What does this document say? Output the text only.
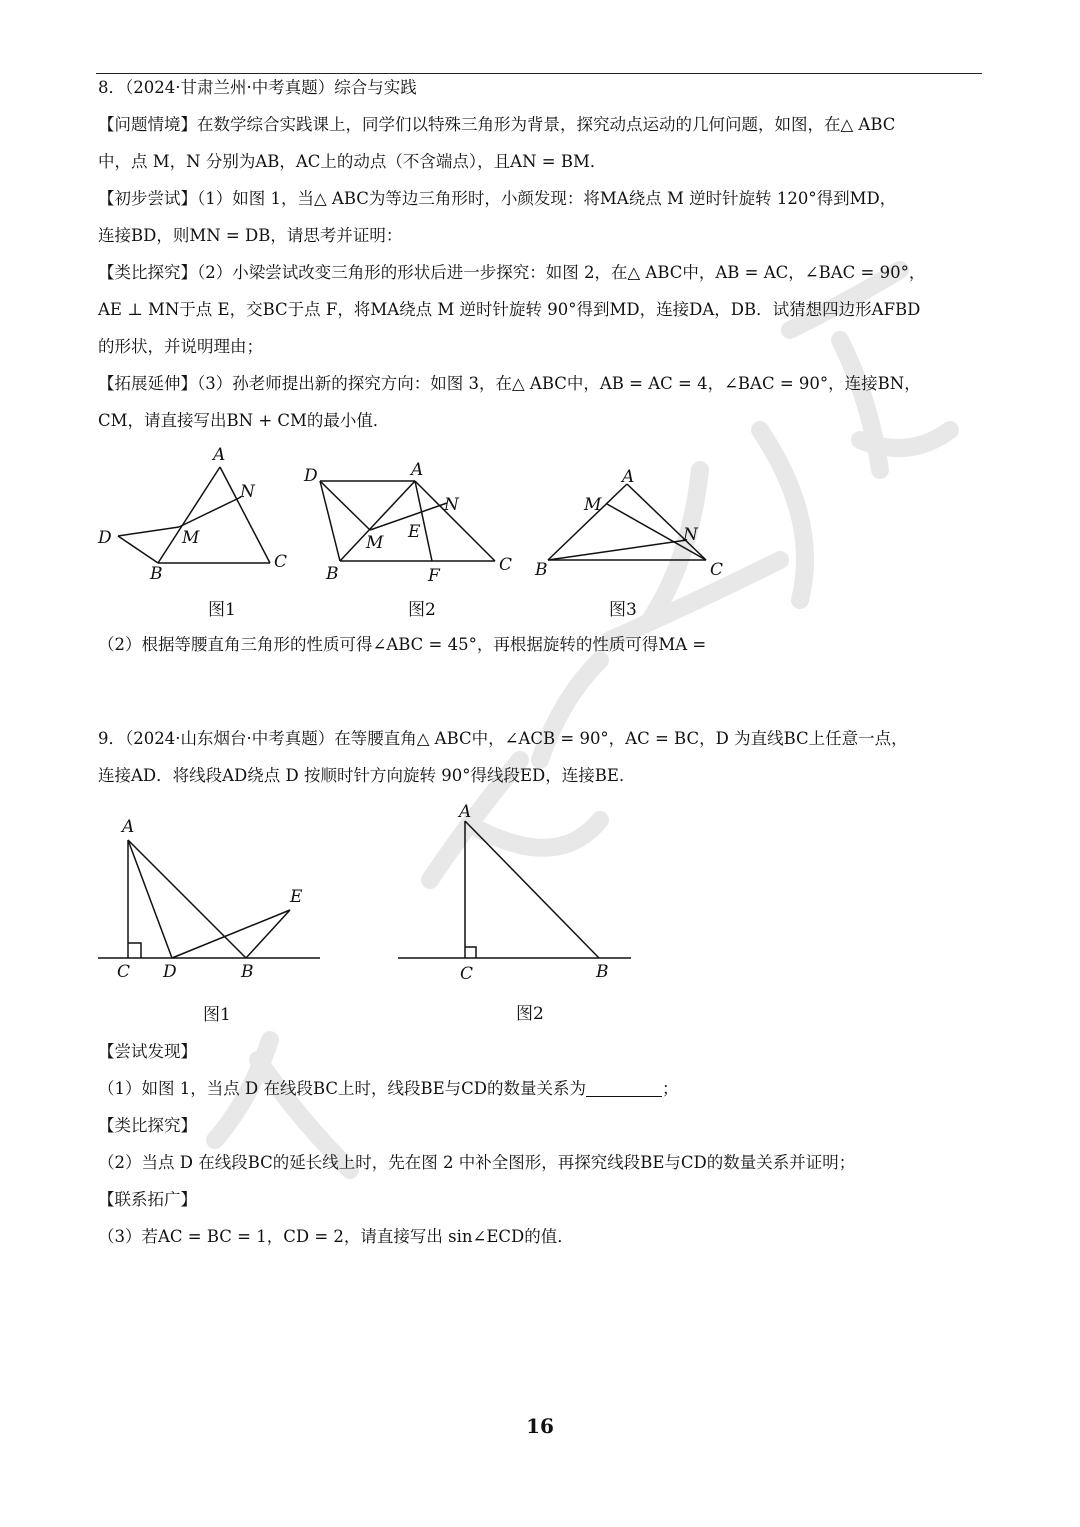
8．（2024·甘肃兰州·中考真题）综合与实践
【问题情境】在数学综合实践课上，同学们以特殊三角形为背景，探究动点运动的几何问题，如图，在△ ABC
中，点 M，N 分别为AB，AC上的动点（不含端点），且AN = BM．
【初步尝试】（1）如图 1，当△ ABC为等边三角形时，小颜发现：将MA绕点 M 逆时针旋转 120°得到MD，
连接BD，则MN = DB，请思考并证明：
【类比探究】（2）小梁尝试改变三角形的形状后进一步探究：如图 2，在△ ABC中，AB = AC，∠BAC = 90°，
AE ⊥ MN于点 E，交BC于点 F，将MA绕点 M 逆时针旋转 90°得到MD，连接DA，DB．试猜想四边形AFBD
的形状，并说明理由；
【拓展延伸】（3）孙老师提出新的探究方向：如图 3，在△ ABC中，AB = AC = 4，∠BAC = 90°，连接BN，
CM，请直接写出BN + CM的最小值．
A
N
D	M
B
C
图1
D	A
N
E
M
B	F
C
图2
A
M
N
B	C
图3
（2）根据等腰直角三角形的性质可得∠ABC = 45°，再根据旋转的性质可得MA =
9．（2024·山东烟台·中考真题）在等腰直角△ ABC中，∠ACB = 90°，AC = BC，D 为直线BC上任意一点，
连接AD．将线段AD绕点 D 按顺时针方向旋转 90°得线段ED，连接BE．
A
E
C D	B
图1
A
C	B
图2
【尝试发现】
（1）如图 1，当点 D 在线段BC上时，线段BE与CD的数量关系为	；
【类比探究】
（2）当点 D 在线段BC的延长线上时，先在图 2 中补全图形，再探究线段BE与CD的数量关系并证明；
【联系拓广】
（3）若AC = BC = 1，CD = 2，请直接写出 sin∠ECD的值．
16
